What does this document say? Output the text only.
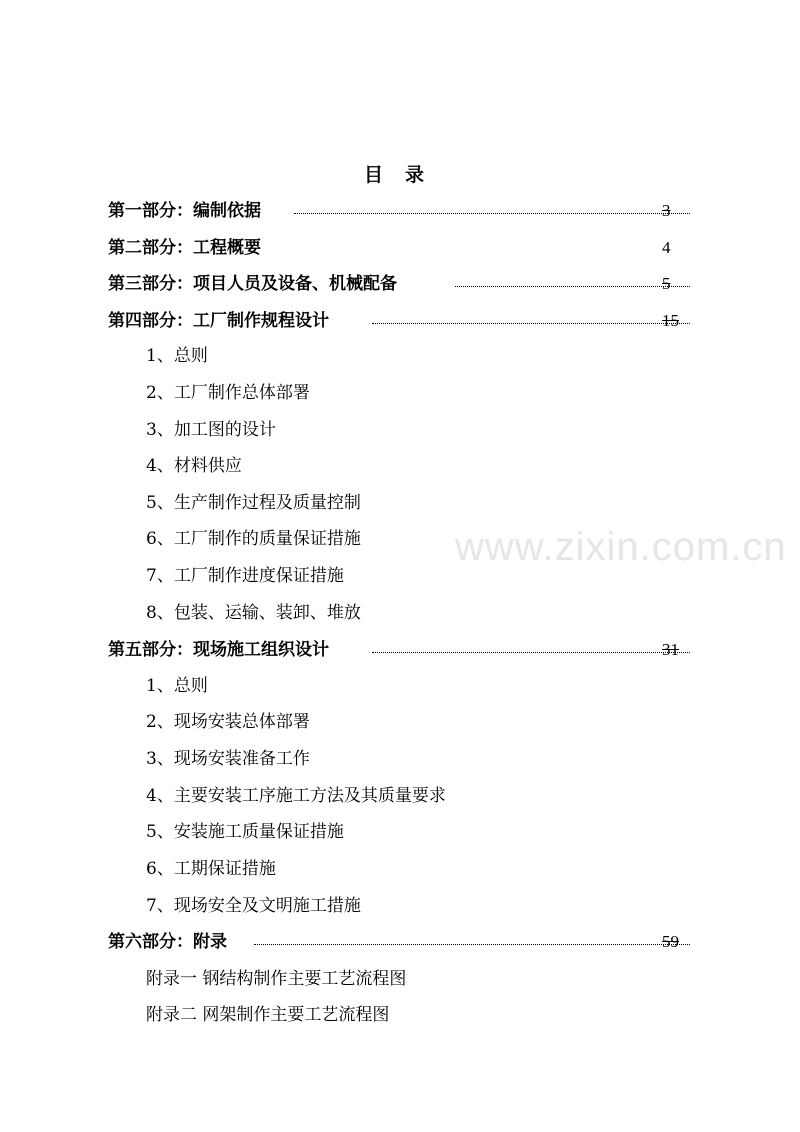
www.zixin.com.cn
目录
第一部分：编制依据	3
第二部分：工程概要	4
第三部分：项目人员及设备、机械配备	5
第四部分：工厂制作规程设计	15
1、总则
2、工厂制作总体部署
3、加工图的设计
4、材料供应
5、生产制作过程及质量控制
6、工厂制作的质量保证措施
7、工厂制作进度保证措施
8、包装、运输、装卸、堆放
第五部分：现场施工组织设计	31
1、总则
2、现场安装总体部署
3、现场安装准备工作
4、主要安装工序施工方法及其质量要求
5、安装施工质量保证措施
6、工期保证措施
7、现场安全及文明施工措施
第六部分：附录	59
附录一 钢结构制作主要工艺流程图
附录二 网架制作主要工艺流程图
